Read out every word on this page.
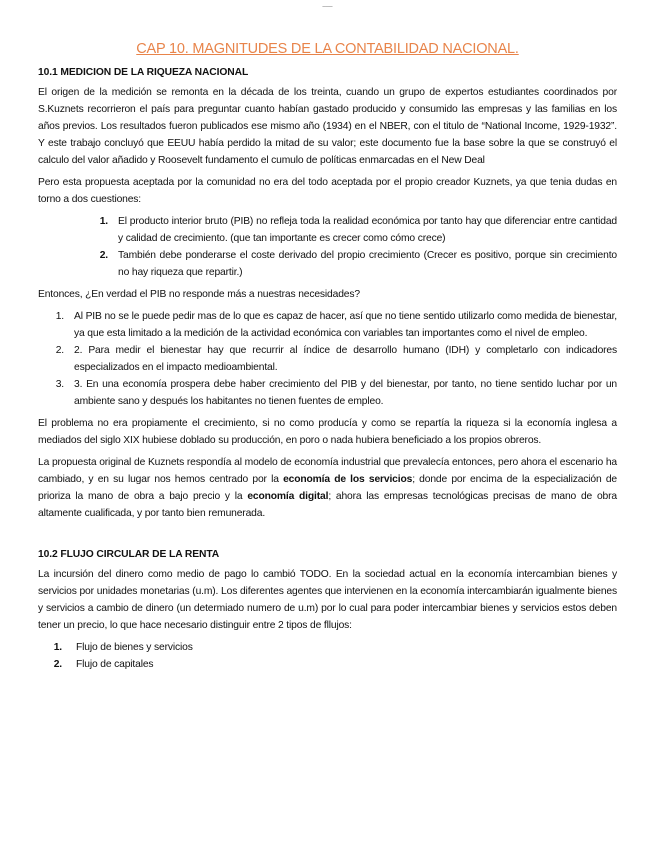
___
CAP 10. MAGNITUDES DE LA CONTABILIDAD NACIONAL.
10.1 MEDICION DE LA RIQUEZA NACIONAL

El origen de la medición se remonta en la década de los treinta, cuando un grupo de expertos estudiantes coordinados por S.Kuznets recorrieron el país para preguntar cuanto habían gastado producido y consumido las empresas y las familias en los años previos. Los resultados fueron publicados ese mismo año (1934) en el NBER, con el titulo de “National Income, 1929-1932”. Y este trabajo concluyó que EEUU había perdido la mitad de su valor; este documento fue la base sobre la que se construyó el calculo del valor añadido y Roosevelt fundamento el cumulo de políticas enmarcadas en el New Deal

Pero esta propuesta aceptada por la comunidad no era del todo aceptada por el propio creador Kuznets, ya que tenia dudas en torno a dos cuestiones:

1. El producto interior bruto (PIB) no refleja toda la realidad económica por tanto hay que diferenciar entre cantidad y calidad de crecimiento. (que tan importante es crecer como cómo crece)
2. También debe ponderarse el coste derivado del propio crecimiento (Crecer es positivo, porque sin crecimiento no hay riqueza que repartir.)

Entonces, ¿En verdad el PIB no responde más a nuestras necesidades?

1. Al PIB no se le puede pedir mas de lo que es capaz de hacer, así que no tiene sentido utilizarlo como medida de bienestar, ya que esta limitado a la medición de la actividad económica con variables tan importantes como el nivel de empleo.
2. 2. Para medir el bienestar hay que recurrir al índice de desarrollo humano (IDH) y completarlo con indicadores especializados en el impacto medioambiental.
3. 3. En una economía prospera debe haber crecimiento del PIB y del bienestar, por tanto, no tiene sentido luchar por un ambiente sano y después los habitantes no tienen fuentes de empleo.

El problema no era propiamente el crecimiento, si no como producía y como se repartía la riqueza si la economía inglesa a mediados del siglo XIX hubiese doblado su producción, en poro o nada hubiera beneficiado a los propios obreros.

La propuesta original de Kuznets respondía al modelo de economía industrial que prevalecía entonces, pero ahora el escenario ha cambiado, y en su lugar nos hemos centrado por la economía de los servicios; donde por encima de la especialización de prioriza la mano de obra a bajo precio y la economía digital; ahora las empresas tecnológicas precisas de mano de obra altamente cualificada, y por tanto bien remunerada.

10.2 FLUJO CIRCULAR DE LA RENTA

La incursión del dinero como medio de pago lo cambió TODO. En la sociedad actual en la economía intercambian bienes y servicios por unidades monetarias (u.m). Los diferentes agentes que intervienen en la economía intercambiarán igualmente bienes y servicios a cambio de dinero (un determiado numero de u.m) por lo cual para poder intercambiar bienes y servicios estos deben tener un precio, lo que hace necesario distinguir entre 2 tipos de fllujos:

1. Flujo de bienes y servicios
2. Flujo de capitales
